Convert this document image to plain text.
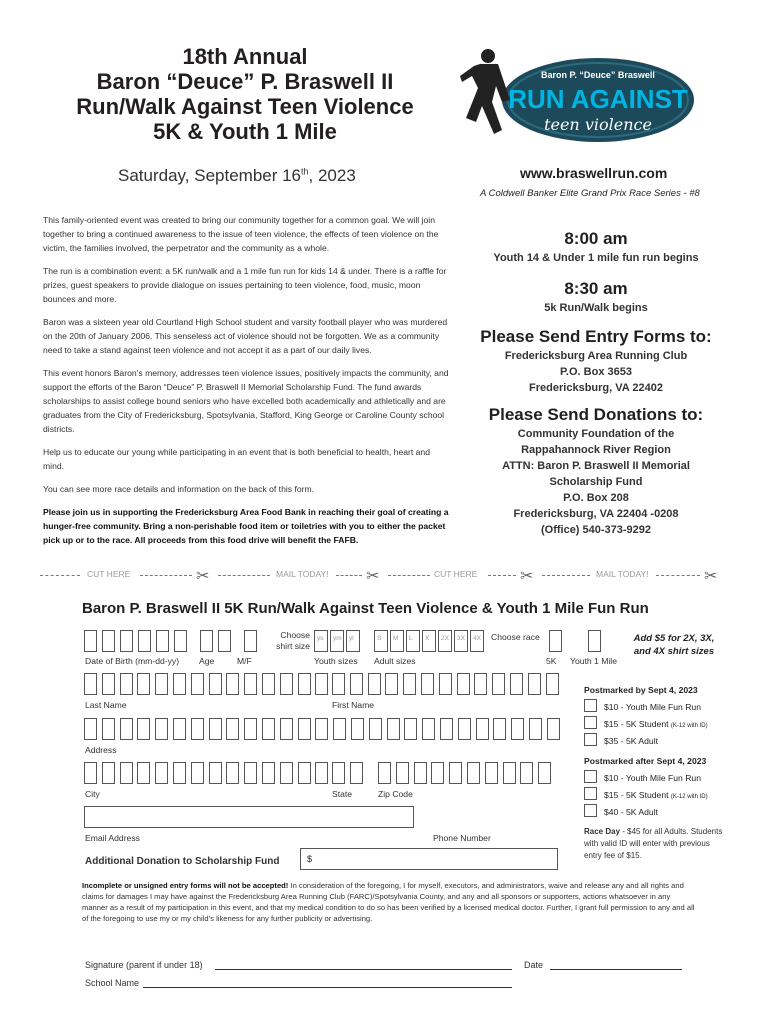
18th Annual
Baron “Deuce” P. Braswell II
Run/Walk Against Teen Violence
5K & Youth 1 Mile
Saturday, September 16th, 2023
Baron P. “Deuce” Braswell
RUN AGAINST
teen violence
www.braswellrun.com
A Coldwell Banker Elite Grand Prix Race Series - #8

This family-oriented event was created to bring our community together for a common goal. We will join together to bring a continued awareness to the issue of teen violence, the effects of teen violence on the victim, the families involved, the perpetrator and the community as a whole.

The run is a combination event: a 5K run/walk and a 1 mile fun run for kids 14 & under. There is a raffle for prizes, guest speakers to provide dialogue on issues pertaining to teen violence, food, music, moon bounces and more.

Baron was a sixteen year old Courtland High School student and varsity football player who was murdered on the 20th of January 2006. This senseless act of violence should not be forgotten. We as a community need to take a stand against teen violence and not accept it as a part of our daily lives.

This event honors Baron’s memory, addresses teen violence issues, positively impacts the community, and support the efforts of the Baron “Deuce” P. Braswell II Memorial Scholarship Fund. The fund awards scholarships to assist college bound seniors who have excelled both academically and athletically and are graduates from the City of Fredericksburg, Spotsylvania, Stafford, King George or Caroline County school districts.

Help us to educate our young while participating in an event that is both beneficial to health, heart and mind.

You can see more race details and information on the back of this form.

Please join us in supporting the Fredericksburg Area Food Bank in reaching their goal of creating a hunger-free community. Bring a non-perishable food item or toiletries with you to either the packet pick up or to the race. All proceeds from this food drive will benefit the FAFB.

8:00 am
Youth 14 & Under 1 mile fun run begins
8:30 am
5k Run/Walk begins
Please Send Entry Forms to:
Fredericksburg Area Running Club
P.O. Box 3653
Fredericksburg, VA 22402
Please Send Donations to:
Community Foundation of the
Rappahannock River Region
ATTN: Baron P. Braswell II Memorial
Scholarship Fund
P.O. Box 208
Fredericksburg, VA 22404 -0208
(Office) 540-373-9292
CUT HERE	✂	MAIL TODAY! ✂	CUT HERE	✂	MAIL TODAY!	✂
Baron P. Braswell II 5K Run/Walk Against Teen Violence & Youth 1 Mile Fun Run
Date of Birth (mm-dd-yy) Age	M/F
Choose shirt size
ys ym yl
Youth sizes
S M L X 2X 3X 4X
Adult sizes
Choose race
5K Youth 1 Mile
Add $5 for 2X, 3X, and 4X shirt sizes
Last Name	First Name
Address
City	State	Zip Code
Email Address	Phone Number
Additional Donation to Scholarship Fund	$
Postmarked by Sept 4, 2023
$10 - Youth Mile Fun Run
$15 - 5K Student (K-12 with ID)
$35 - 5K Adult
Postmarked after Sept 4, 2023
$10 - Youth Mile Fun Run
$15 - 5K Student (K-12 with ID)
$40 - 5K Adult
Race Day - $45 for all Adults. Students with valid ID will enter with previous entry fee of $15.
Incomplete or unsigned entry forms will not be accepted! In consideration of the foregoing, I for myself, executors, and administrators, waive and release any and all rights and claims for damages I may have against the Fredericksburg Area Running Club (FARC)/Spotsylvania County, and any and all sponsors or supporters, actions whatsoever in any manner as a result of my participation in this event, and that my medical condition to do so has been verified by a licensed medical doctor. Further, I grant full permission to any and all of the foregoing to use my or my child’s likeness for any further publicity or advertising.
Signature (parent if under 18)	Date
School Name
